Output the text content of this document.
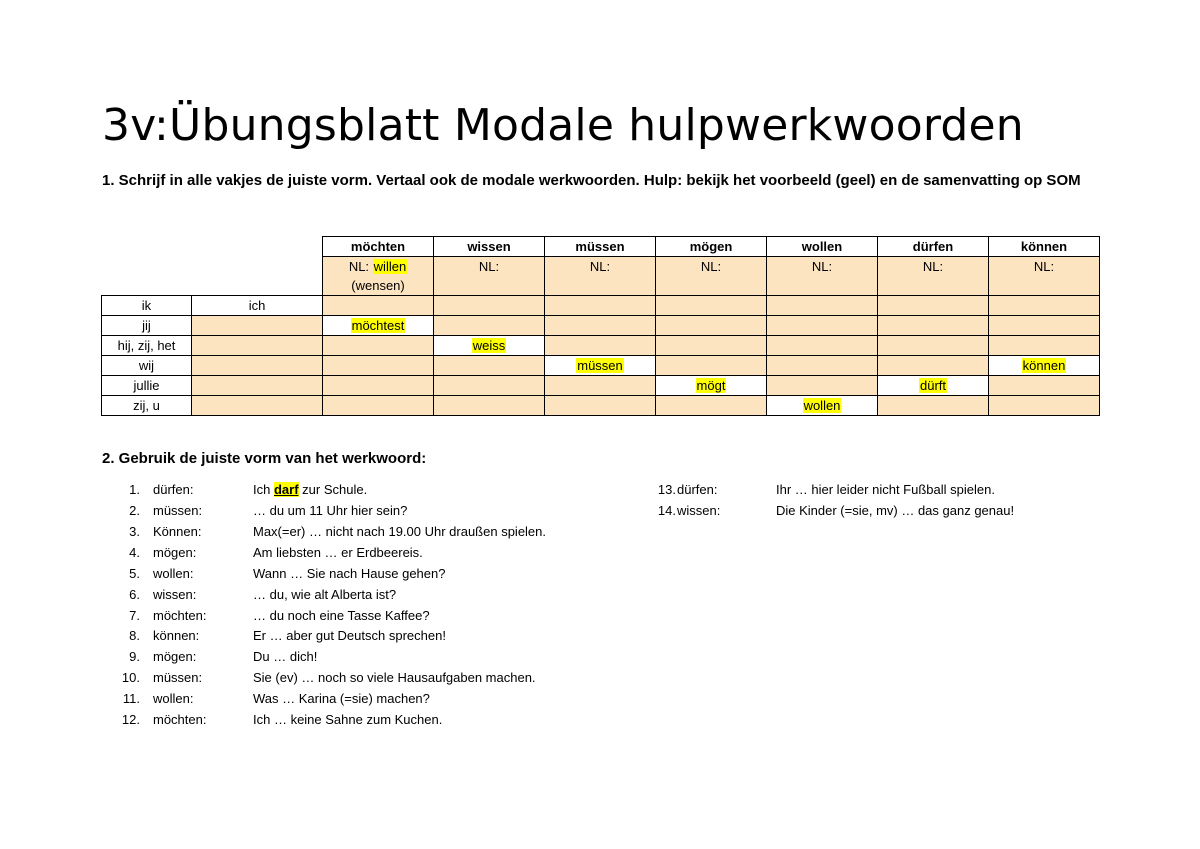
3v:Übungsblatt Modale hulpwerkwoorden
1. Schrijf in alle vakjes de juiste vorm. Vertaal ook de modale werkwoorden. Hulp: bekijk het voorbeeld (geel) en de samenvatting op SOM
		möchten	wissen	müssen	mögen	wollen	dürfen	können
		NL: willen
(wensen)	NL:	NL:	NL:	NL:	NL:	NL:
ik	ich							
jij		möchtest						
hij, zij, het			weiss					
wij				müssen				können
jullie					mögt		dürft	
zij, u						wollen		
2. Gebruik de juiste vorm van het werkwoord:
1. dürfen:	Ich darf zur Schule.
2. müssen:	… du um 11 Uhr hier sein?
3. Können:	Max(=er) … nicht nach 19.00 Uhr draußen spielen.
4. mögen:	Am liebsten … er Erdbeereis.
5. wollen:	Wann … Sie nach Hause gehen?
6. wissen:	… du, wie alt Alberta ist?
7. möchten:	… du noch eine Tasse Kaffee?
8. können:	Er … aber gut Deutsch sprechen!
9. mögen:	Du … dich!
10. müssen:	Sie (ev) … noch so viele Hausaufgaben machen.
11. wollen:	Was … Karina (=sie) machen?
12. möchten:	Ich … keine Sahne zum Kuchen.
13. dürfen:	Ihr … hier leider nicht Fußball spielen.
14. wissen:	Die Kinder (=sie, mv) … das ganz genau!
